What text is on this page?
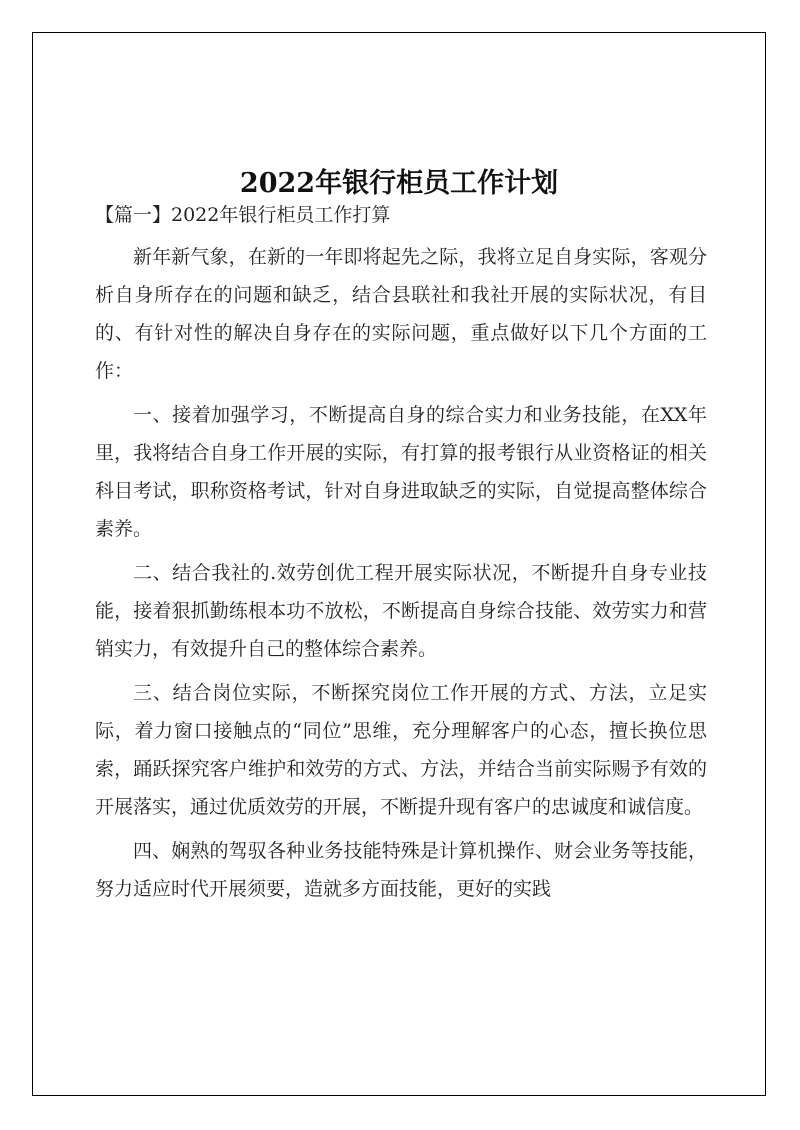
2022年银行柜员工作计划

【篇一】2022年银行柜员工作打算

新年新气象，在新的一年即将起先之际，我将立足自身实际，客观分析自身所存在的问题和缺乏，结合县联社和我社开展的实际状况，有目的、有针对性的解决自身存在的实际问题，重点做好以下几个方面的工作：

一、接着加强学习，不断提高自身的综合实力和业务技能，在XX年里，我将结合自身工作开展的实际，有打算的报考银行从业资格证的相关科目考试，职称资格考试，针对自身进取缺乏的实际，自觉提高整体综合素养。

二、结合我社的.效劳创优工程开展实际状况，不断提升自身专业技能，接着狠抓勤练根本功不放松，不断提高自身综合技能、效劳实力和营销实力，有效提升自己的整体综合素养。

三、结合岗位实际，不断探究岗位工作开展的方式、方法，立足实际，着力窗口接触点的“同位”思维，充分理解客户的心态，擅长换位思索，踊跃探究客户维护和效劳的方式、方法，并结合当前实际赐予有效的开展落实，通过优质效劳的开展，不断提升现有客户的忠诚度和诚信度。

四、娴熟的驾驭各种业务技能特殊是计算机操作、财会业务等技能，努力适应时代开展须要，造就多方面技能，更好的实践
